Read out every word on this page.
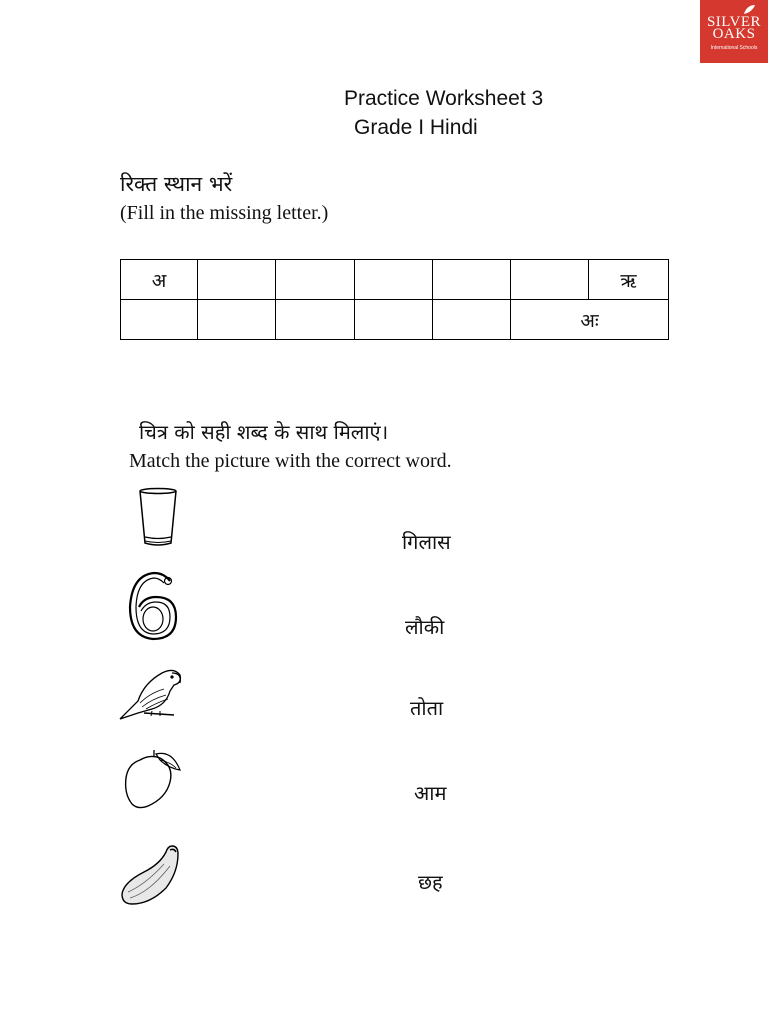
SILVER
OAKS
International Schools
Practice Worksheet 3
Grade I Hindi
रिक्त स्थान भरें
(Fill in the missing letter.)
अ						ऋ
					अः	
चित्र को सही शब्द के साथ मिलाएं।
Match the picture with the correct word.
गिलास
लौकी
तोता
आम
छह
